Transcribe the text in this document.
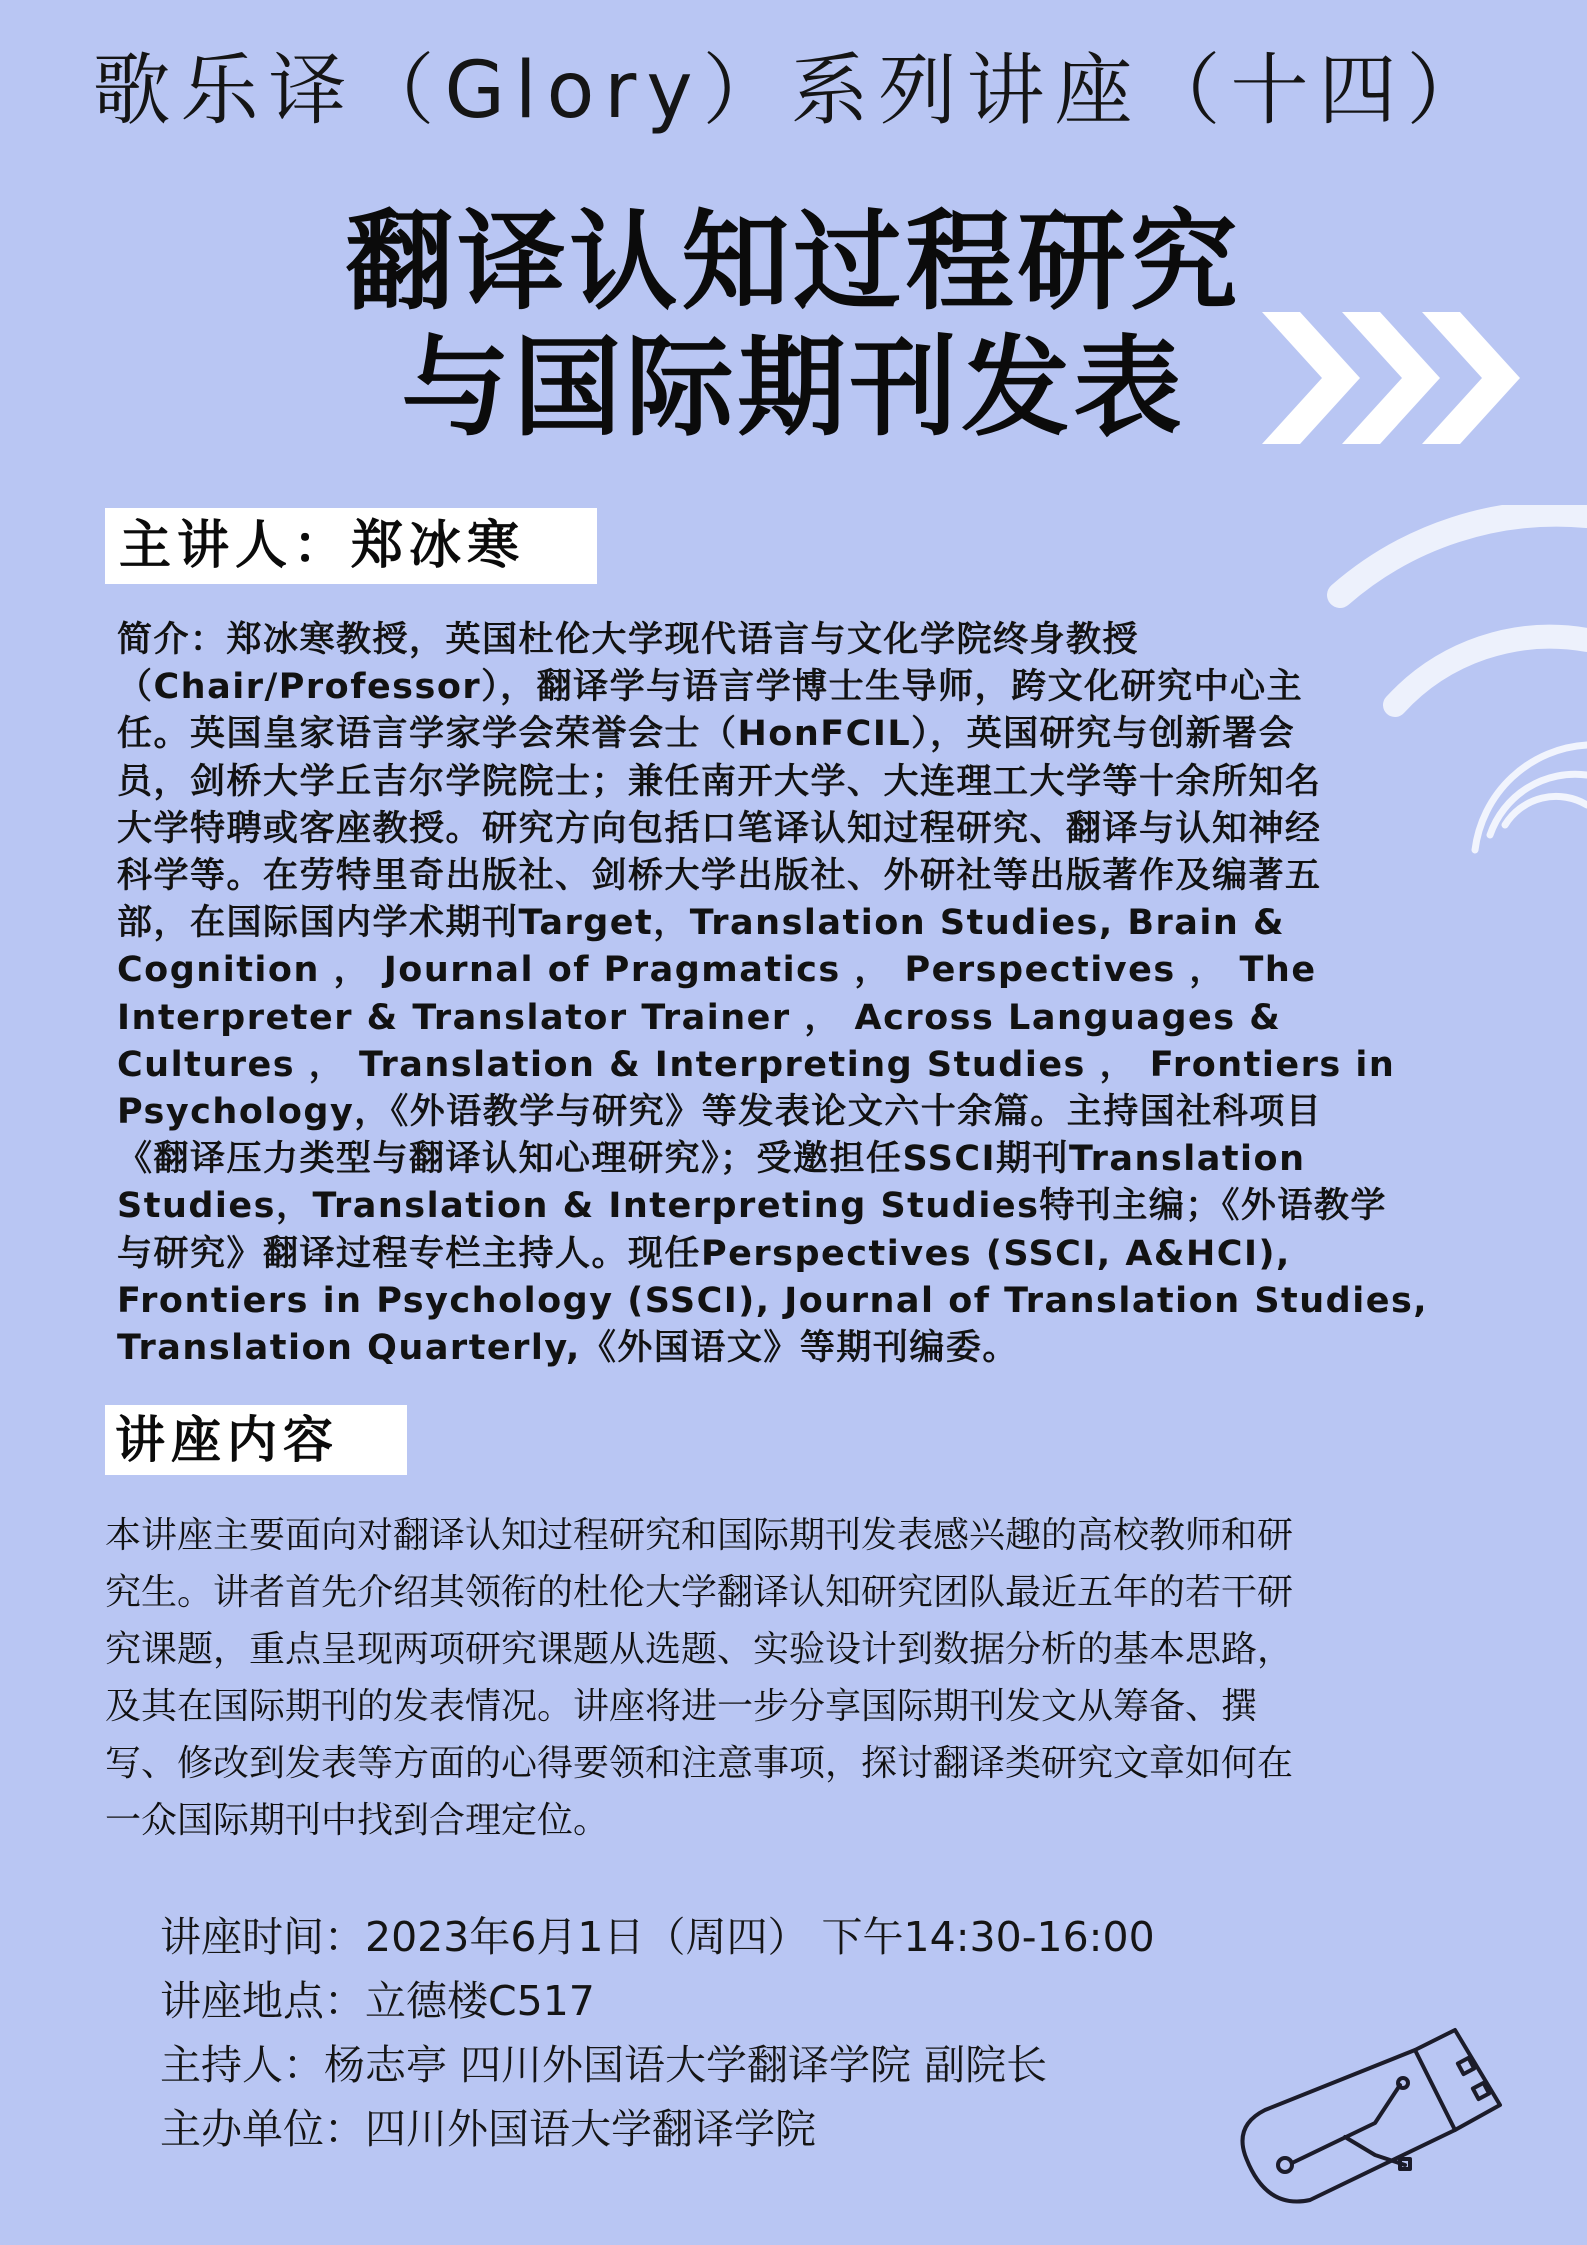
歌乐译（Glory）系列讲座（十四）
翻译认知过程研究
与国际期刊发表
主讲人：郑冰寒
简介：郑冰寒教授，英国杜伦大学现代语言与文化学院终身教授
（Chair/Professor），翻译学与语言学博士生导师，跨文化研究中心主
任。英国皇家语言学家学会荣誉会士（HonFCIL），英国研究与创新署会
员，剑桥大学丘吉尔学院院士；兼任南开大学、大连理工大学等十余所知名
大学特聘或客座教授。研究方向包括口笔译认知过程研究、翻译与认知神经
科学等。在劳特里奇出版社、剑桥大学出版社、外研社等出版著作及编著五
部，在国际国内学术期刊Target，Translation Studies, Brain &
Cognition ， Journal of Pragmatics ， Perspectives ， The
Interpreter & Translator Trainer ， Across Languages &
Cultures ， Translation & Interpreting Studies ， Frontiers in
Psychology，《外语教学与研究》等发表论文六十余篇。主持国社科项目
《翻译压力类型与翻译认知心理研究》；受邀担任SSCI期刊Translation
Studies，Translation & Interpreting Studies特刊主编；《外语教学
与研究》翻译过程专栏主持人。现任Perspectives (SSCI, A&HCI),
Frontiers in Psychology (SSCI), Journal of Translation Studies,
Translation Quarterly,《外国语文》等期刊编委。
讲座内容
本讲座主要面向对翻译认知过程研究和国际期刊发表感兴趣的高校教师和研
究生。讲者首先介绍其领衔的杜伦大学翻译认知研究团队最近五年的若干研
究课题，重点呈现两项研究课题从选题、实验设计到数据分析的基本思路，
及其在国际期刊的发表情况。讲座将进一步分享国际期刊发文从筹备、撰
写、修改到发表等方面的心得要领和注意事项，探讨翻译类研究文章如何在
一众国际期刊中找到合理定位。
讲座时间：2023年6月1日（周四） 下午14:30-16:00
讲座地点：立德楼C517
主持人：杨志亭 四川外国语大学翻译学院 副院长
主办单位：四川外国语大学翻译学院
